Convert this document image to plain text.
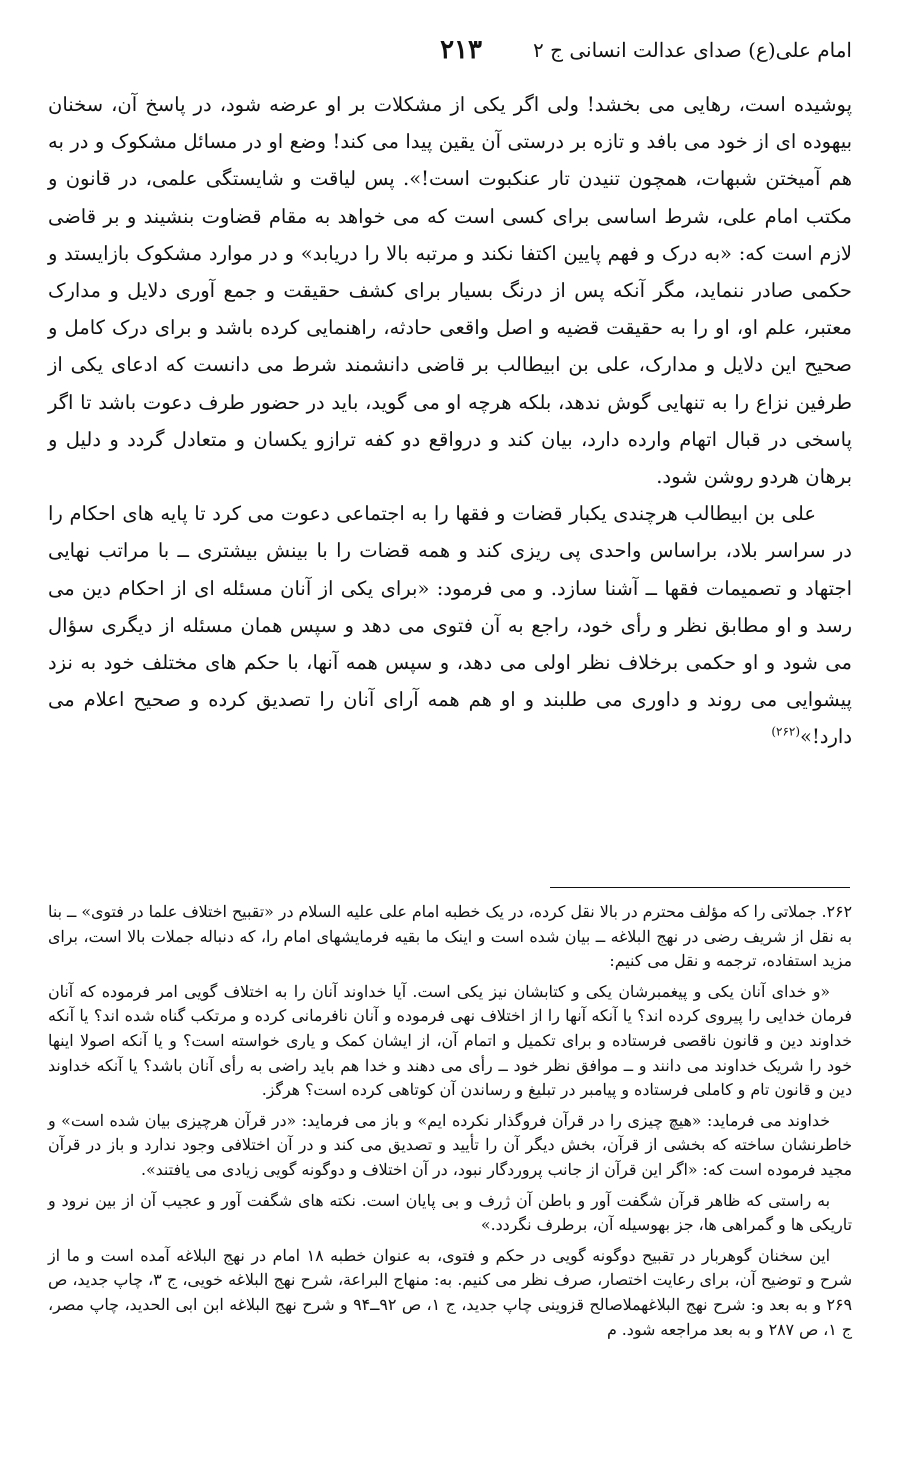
امام علی(ع) صدای عدالت انسانی ج ۲
۲۱۳

پوشیده است، رهایی می بخشد! ولی اگر یکی از مشکلات بر او عرضه شود، در پاسخ آن، سخنان بیهوده ای از خود می بافد و تازه بر درستی آن یقین پیدا می کند! وضع او در مسائل مشکوک و در به هم آمیختن شبهات، همچون تنیدن تار عنکبوت است!». پس لیاقت و شایستگی علمی، در قانون و مکتب امام علی، شرط اساسی برای کسی است که می خواهد به مقام قضاوت بنشیند و بر قاضی لازم است که: «به درک و فهم پایین اکتفا نکند و مرتبه بالا را دریابد» و در موارد مشکوک بازایستد و حکمی صادر ننماید، مگر آنکه پس از درنگ بسیار برای کشف حقیقت و جمع آوری دلایل و مدارک معتبر، علم او، او را به حقیقت قضیه و اصل واقعی حادثه، راهنمایی کرده باشد و برای درک کامل و صحیح این دلایل و مدارک، علی بن ابیطالب بر قاضی دانشمند شرط می دانست که ادعای یکی از طرفین نزاع را به تنهایی گوش ندهد، بلکه هرچه او می گوید، باید در حضور طرف دعوت باشد تا اگر پاسخی در قبال اتهام وارده دارد، بیان کند و درواقع دو کفه ترازو یکسان و متعادل گردد و دلیل و برهان هردو روشن شود.

علی بن ابیطالب هرچندی یکبار قضات و فقها را به اجتماعی دعوت می کرد تا پایه های احکام را در سراسر بلاد، براساس واحدی پی ریزی کند و همه قضات را با بینش بیشتری ــ با مراتب نهایی اجتهاد و تصمیمات فقها ــ آشنا سازد. و می فرمود: «برای یکی از آنان مسئله ای از احکام دین می رسد و او مطابق نظر و رأی خود، راجع به آن فتوی می دهد و سپس همان مسئله از دیگری سؤال می شود و او حکمی برخلاف نظر اولی می دهد، و سپس همه آنها، با حکم های مختلف خود به نزد پیشوایی می روند و داوری می طلبند و او هم همه آرای آنان را تصدیق کرده و صحیح اعلام می دارد!»$^{(۲۶۲)}$

۲۶۲. جملاتی را که مؤلف محترم در بالا نقل کرده، در یک خطبه امام علی علیه السلام در «تقبیح اختلاف علما در فتوی» ــ بنا به نقل از شریف رضی در نهج البلاغه ــ بیان شده است و اینک ما بقیه فرمایشهای امام را، که دنباله جملات بالا است، برای مزید استفاده، ترجمه و نقل می کنیم:

«و خدای آنان یکی و پیغمبرشان یکی و کتابشان نیز یکی است. آیا خداوند آنان را به اختلاف گویی امر فرموده که آنان فرمان خدایی را پیروی کرده اند؟ یا آنکه آنها را از اختلاف نهی فرموده و آنان نافرمانی کرده و مرتکب گناه شده اند؟ یا آنکه خداوند دین و قانون ناقصی فرستاده و برای تکمیل و اتمام آن، از ایشان کمک و یاری خواسته است؟ و یا آنکه اصولا اینها خود را شریک خداوند می دانند و ــ موافق نظر خود ــ رأی می دهند و خدا هم باید راضی به رأی آنان باشد؟ یا آنکه خداوند دین و قانون تام و کاملی فرستاده و پیامبر در تبلیغ و رساندن آن کوتاهی کرده است؟ هرگز.

خداوند می فرماید: «هیچ چیزی را در قرآن فروگذار نکرده ایم» و باز می فرماید: «در قرآن هرچیزی بیان شده است» و خاطرنشان ساخته که بخشی از قرآن، بخش دیگر آن را تأیید و تصدیق می کند و در آن اختلافی وجود ندارد و باز در قرآن مجید فرموده است که: «اگر این قرآن از جانب پروردگار نبود، در آن اختلاف و دوگونه گویی زیادی می یافتند».

به راستی که ظاهر قرآن شگفت آور و باطن آن ژرف و بی پایان است. نکته های شگفت آور و عجیب آن از بین نرود و تاریکی ها و گمراهی ها، جز بهوسیله آن، برطرف نگردد.»

این سخنان گوهربار در تقبیح دوگونه گویی در حکم و فتوی، به عنوان خطبه ۱۸ امام در نهج البلاغه آمده است و ما از شرح و توضیح آن، برای رعایت اختصار، صرف نظر می کنیم. به: منهاج البراعة، شرح نهج البلاغه خویی، ج ۳، چاپ جدید، ص ۲۶۹ و به بعد و: شرح نهج البلاغهملاصالح قزوینی چاپ جدید، ج ۱، ص ۹۲ــ۹۴ و شرح نهج البلاغه ابن ابی الحدید، چاپ مصر، ج ۱، ص ۲۸۷ و به بعد مراجعه شود. م
